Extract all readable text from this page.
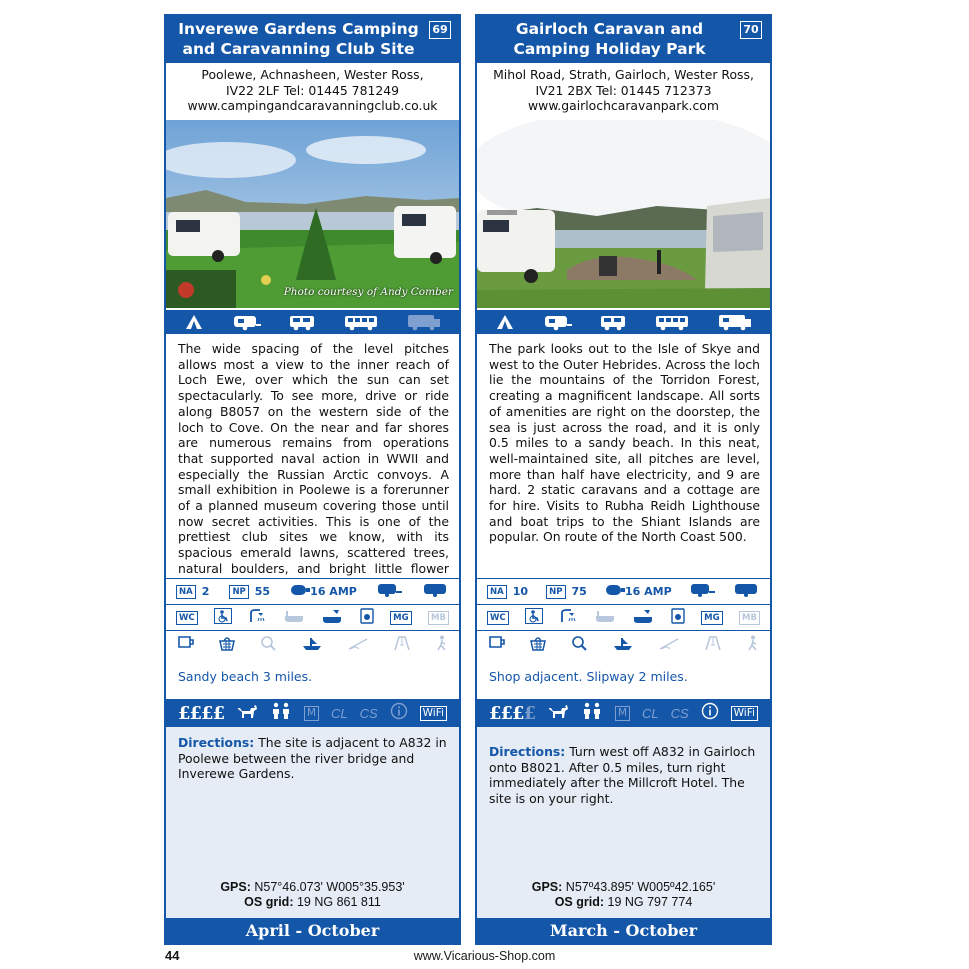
Inverewe Gardens Camping
and Caravanning Club Site
69
Poolewe, Achnasheen, Wester Ross,
IV22 2LF Tel: 01445 781249
www.campingandcaravanningclub.co.uk
Photo courtesy of Andy Comber
The wide spacing of the level pitches allows most a view to the inner reach of Loch Ewe, over which the sun can set spectacularly. To see more, drive or ride along B8057 on the western side of the loch to Cove. On the near and far shores are numerous remains from operations that supported naval action in WWII and especially the Russian Arctic convoys. A small exhibition in Poolewe is a forerunner of a planned museum covering those until now secret activities. This is one of the prettiest club sites we know, with its spacious emerald lawns, scattered trees, natural boulders, and bright little flower
NA 2	NP 55	16 AMP
WC	MG	MB
Sandy beach 3 miles.
££££	M CL CS	WiFi
Directions: The site is adjacent to A832 in Poolewe between the river bridge and Inverewe Gardens.
GPS: N57°46.073' W005°35.953'
OS grid: 19 NG 861 811
April - October
Gairloch Caravan and
Camping Holiday Park
70
Mihol Road, Strath, Gairloch, Wester Ross,
IV21 2BX Tel: 01445 712373
www.gairlochcaravanpark.com
The park looks out to the Isle of Skye and west to the Outer Hebrides. Across the loch lie the mountains of the Torridon Forest, creating a magnificent landscape. All sorts of amenities are right on the doorstep, the sea is just across the road, and it is only 0.5 miles to a sandy beach. In this neat, well-maintained site, all pitches are level, more than half have electricity, and 9 are hard. 2 static caravans and a cottage are for hire. Visits to Rubha Reidh Lighthouse and boat trips to the Shiant Islands are popular. On route of the North Coast 500.
NA 10	NP 75	16 AMP
WC	MG	MB
Shop adjacent. Slipway 2 miles.
££££	M CL CS	WiFi
Directions: Turn west off A832 in Gairloch onto B8021. After 0.5 miles, turn right immediately after the Millcroft Hotel. The site is on your right.
GPS: N57º43.895' W005º42.165'
OS grid: 19 NG 797 774
March - October
44	www.Vicarious-Shop.com
